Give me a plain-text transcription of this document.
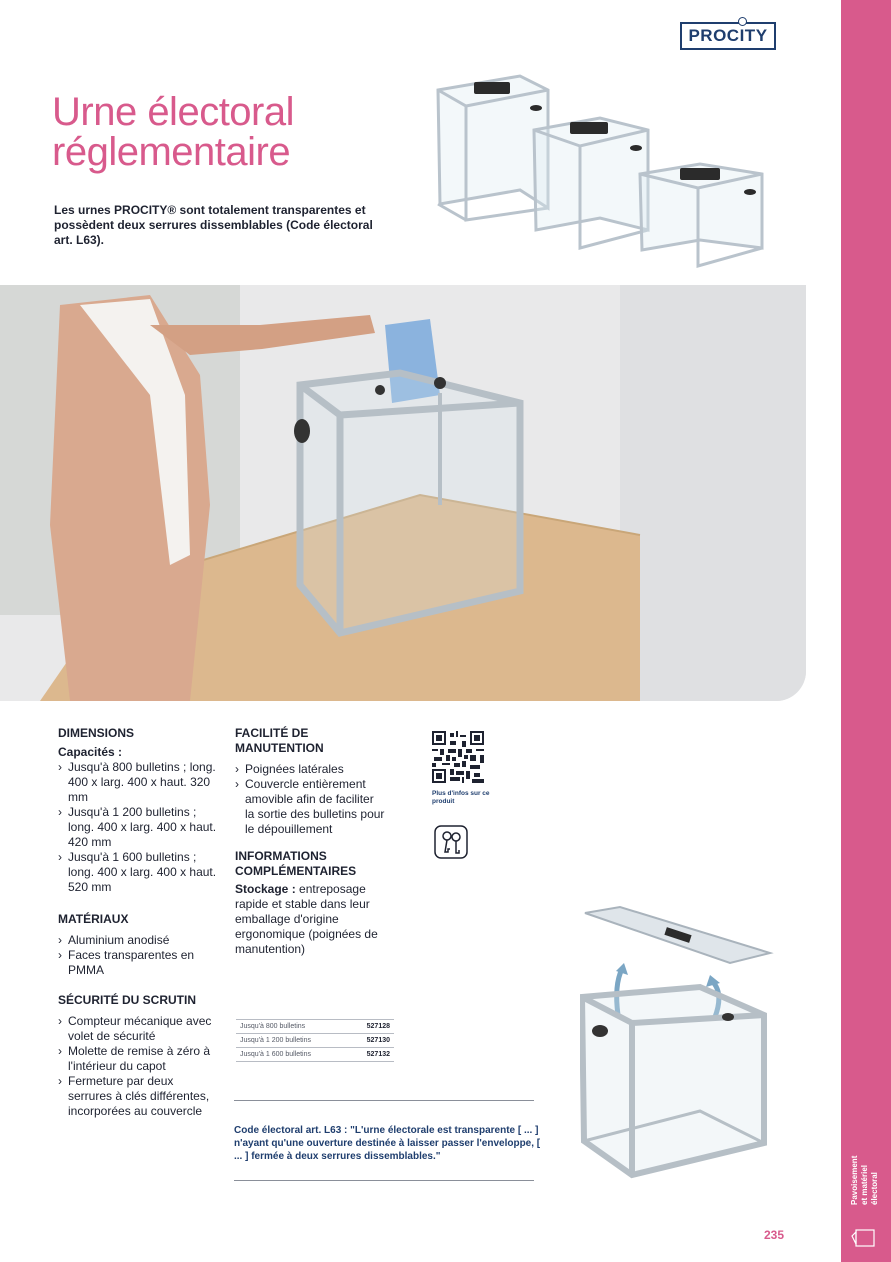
Pavoisement et matériel électoral
PROCITY
Urne électoral
réglementaire
Les urnes PROCITY® sont totalement transparentes et possèdent deux serrures dissemblables (Code électoral art. L63).
DIMENSIONS
Capacités :
› Jusqu'à 800 bulletins ; long. 400 x larg. 400 x haut. 320 mm
› Jusqu'à 1 200 bulletins ; long. 400 x larg. 400 x haut. 420 mm
› Jusqu'à 1 600 bulletins ; long. 400 x larg. 400 x haut. 520 mm
MATÉRIAUX
› Aluminium anodisé
› Faces transparentes en PMMA
SÉCURITÉ DU SCRUTIN
› Compteur mécanique avec volet de sécurité
› Molette de remise à zéro à l'intérieur du capot
› Fermeture par deux serrures à clés différentes, incorporées au couvercle
FACILITÉ DE MANUTENTION
› Poignées latérales
› Couvercle entièrement amovible afin de faciliter la sortie des bulletins pour le dépouillement
INFORMATIONS COMPLÉMENTAIRES
Stockage : entreposage rapide et stable dans leur emballage d'origine ergonomique (poignées de manutention)
Plus d'infos sur ce produit
Jusqu'à 800 bulletins	527128
Jusqu'à 1 200 bulletins	527130
Jusqu'à 1 600 bulletins	527132
Code électoral art. L63 : "L'urne électorale est transparente [ ... ] n'ayant qu'une ouverture destinée à laisser passer l'enveloppe, [ ... ] fermée à deux serrures dissemblables."
235
